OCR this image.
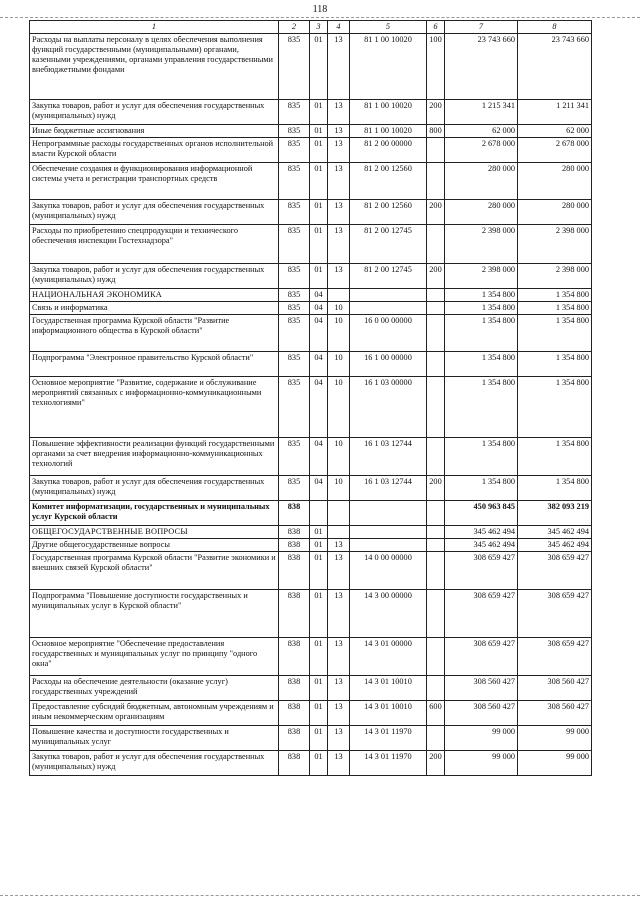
118
1	2	3	4	5	6	7	8
Расходы на выплаты персоналу в целях обеспечения выполнения функций государственными (муниципальными) органами, казенными учреждениями, органами управления государственными внебюджетными фондами	835	01	13	81 1 00 10020	100	23 743 660	23 743 660
Закупка товаров, работ и услуг для обеспечения государственных (муниципальных) нужд	835	01	13	81 1 00 10020	200	1 215 341	1 211 341
Иные бюджетные ассигнования	835	01	13	81 1 00 10020	800	62 000	62 000
Непрограммные расходы государственных органов исполнительной власти Курской области	835	01	13	81 2 00 00000		2 678 000	2 678 000
Обеспечение создания и функционирования информационной системы учета и регистрации транспортных средств	835	01	13	81 2 00 12560		280 000	280 000
Закупка товаров, работ и услуг для обеспечения государственных (муниципальных) нужд	835	01	13	81 2 00 12560	200	280 000	280 000
Расходы по приобретению спецпродукции и технического обеспечения инспекции Гостехнадзора"	835	01	13	81 2 00 12745		2 398 000	2 398 000
Закупка товаров, работ и услуг для обеспечения государственных (муниципальных) нужд	835	01	13	81 2 00 12745	200	2 398 000	2 398 000
НАЦИОНАЛЬНАЯ ЭКОНОМИКА	835	04				1 354 800	1 354 800
Связь и информатика	835	04	10			1 354 800	1 354 800
Государственная программа Курской области "Развитие информационного общества в Курской области"	835	04	10	16 0 00 00000		1 354 800	1 354 800
Подпрограмма "Электронное правительство Курской области"	835	04	10	16 1 00 00000		1 354 800	1 354 800
Основное мероприятие "Развитие, содержание и обслуживание мероприятий связанных с информационно-коммуникационными технологиями"	835	04	10	16 1 03 00000		1 354 800	1 354 800
Повышение эффективности реализации функций государственными органами за счет внедрения информационно-коммуникационных технологий	835	04	10	16 1 03 12744		1 354 800	1 354 800
Закупка товаров, работ и услуг для обеспечения государственных (муниципальных) нужд	835	04	10	16 1 03 12744	200	1 354 800	1 354 800
Комитет информатизации, государственных и муниципальных услуг Курской области	838					450 963 845	382 093 219
ОБЩЕГОСУДАРСТВЕННЫЕ ВОПРОСЫ	838	01				345 462 494	345 462 494
Другие общегосударственные вопросы	838	01	13			345 462 494	345 462 494
Государственная программа Курской области "Развитие экономики и внешних связей Курской области"	838	01	13	14 0 00 00000		308 659 427	308 659 427
Подпрограмма "Повышение доступности государственных и муниципальных услуг в Курской области"	838	01	13	14 3 00 00000		308 659 427	308 659 427
Основное мероприятие "Обеспечение предоставления государственных и муниципальных услуг по принципу "одного окна"	838	01	13	14 3 01 00000		308 659 427	308 659 427
Расходы на обеспечение деятельности (оказание услуг) государственных учреждений	838	01	13	14 3 01 10010		308 560 427	308 560 427
Предоставление субсидий бюджетным, автономным учреждениям и иным некоммерческим организациям	838	01	13	14 3 01 10010	600	308 560 427	308 560 427
Повышение качества и доступности государственных и муниципальных услуг	838	01	13	14 3 01 11970		99 000	99 000
Закупка товаров, работ и услуг для обеспечения государственных (муниципальных) нужд	838	01	13	14 3 01 11970	200	99 000	99 000
